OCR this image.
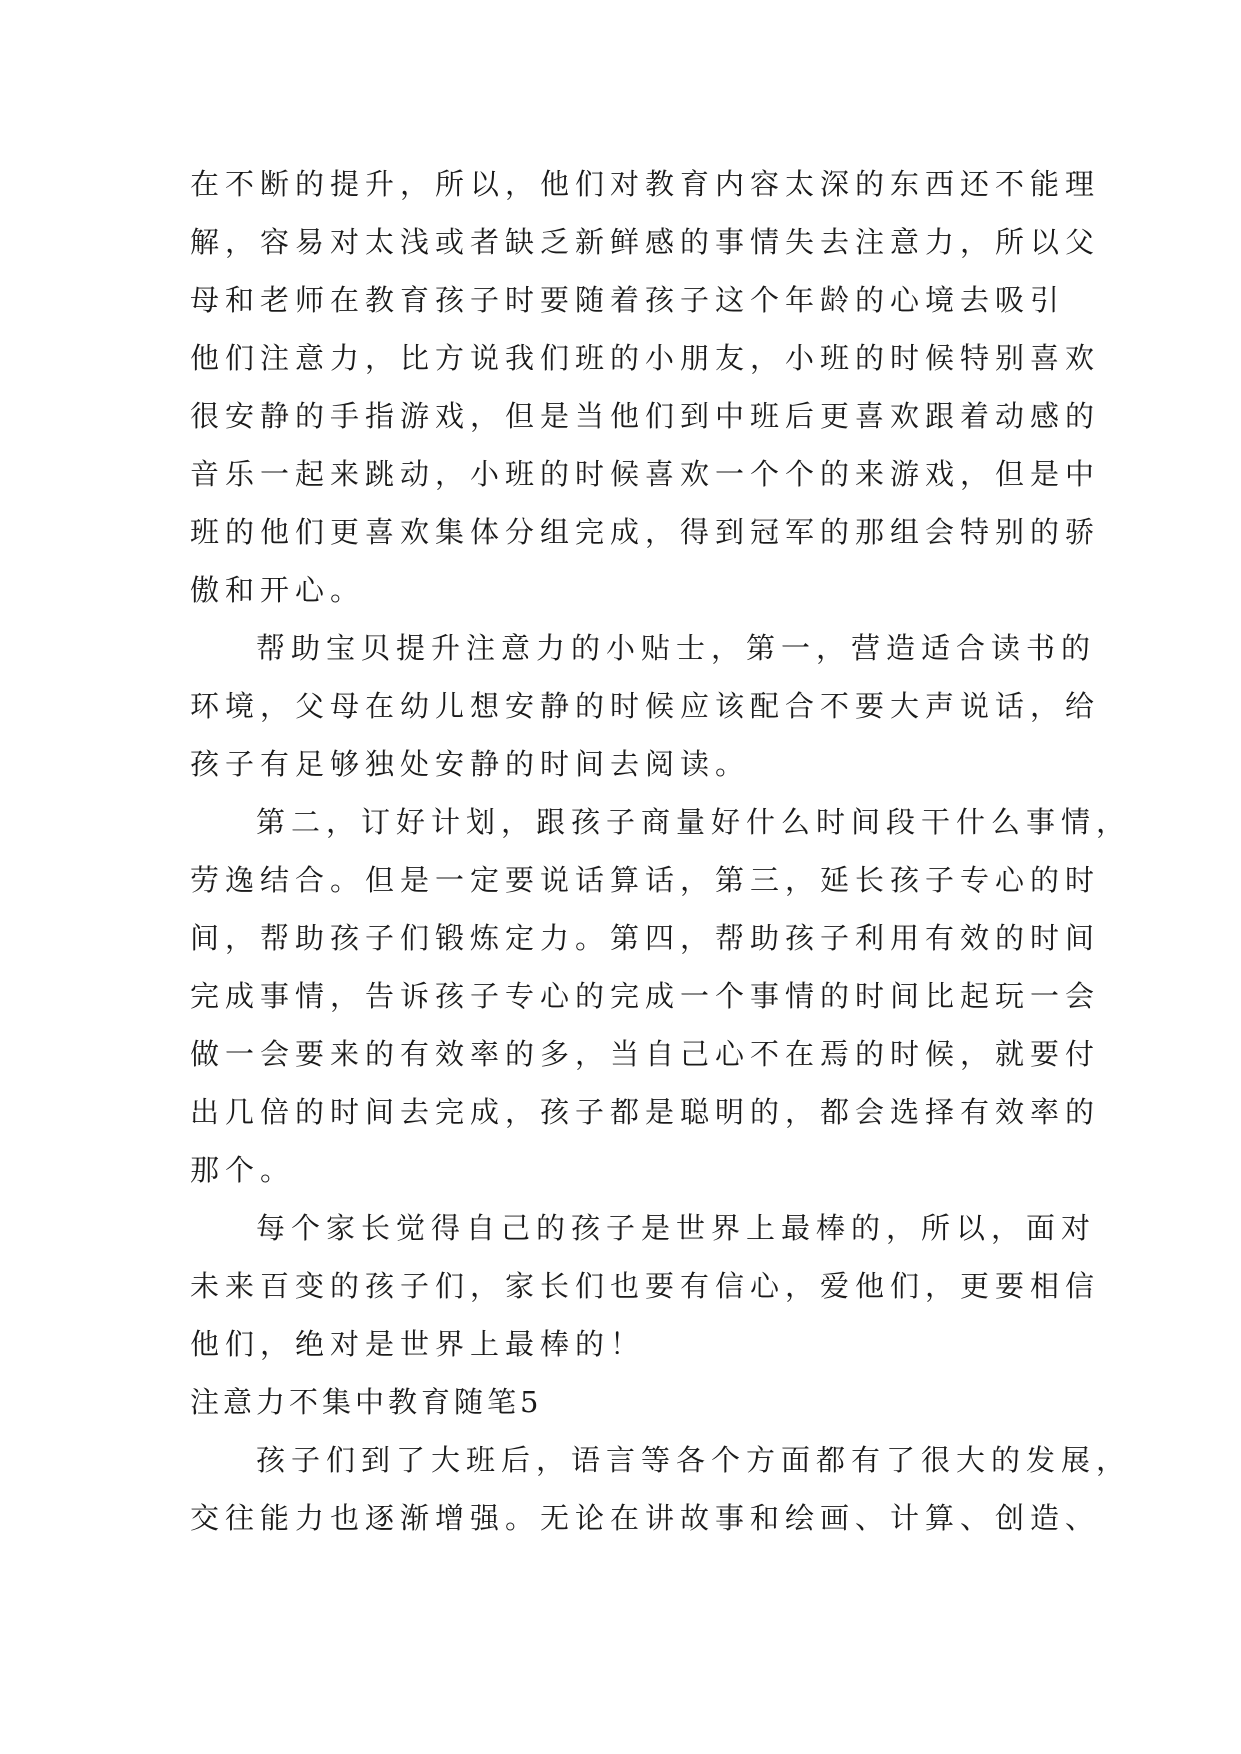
在不断的提升，所以，他们对教育内容太深的东西还不能理
解，容易对太浅或者缺乏新鲜感的事情失去注意力，所以父
母和老师在教育孩子时要随着孩子这个年龄的心境去吸引
他们注意力，比方说我们班的小朋友，小班的时候特别喜欢
很安静的手指游戏，但是当他们到中班后更喜欢跟着动感的
音乐一起来跳动，小班的时候喜欢一个个的来游戏，但是中
班的他们更喜欢集体分组完成，得到冠军的那组会特别的骄
傲和开心。
帮助宝贝提升注意力的小贴士，第一，营造适合读书的
环境，父母在幼儿想安静的时候应该配合不要大声说话，给
孩子有足够独处安静的时间去阅读。
第二，订好计划，跟孩子商量好什么时间段干什么事情，
劳逸结合。但是一定要说话算话，第三，延长孩子专心的时
间，帮助孩子们锻炼定力。第四，帮助孩子利用有效的时间
完成事情，告诉孩子专心的完成一个事情的时间比起玩一会
做一会要来的有效率的多，当自己心不在焉的时候，就要付
出几倍的时间去完成，孩子都是聪明的，都会选择有效率的
那个。
每个家长觉得自己的孩子是世界上最棒的，所以，面对
未来百变的孩子们，家长们也要有信心，爱他们，更要相信
他们，绝对是世界上最棒的！
注意力不集中教育随笔5
孩子们到了大班后，语言等各个方面都有了很大的发展，
交往能力也逐渐增强。无论在讲故事和绘画、计算、创造、
